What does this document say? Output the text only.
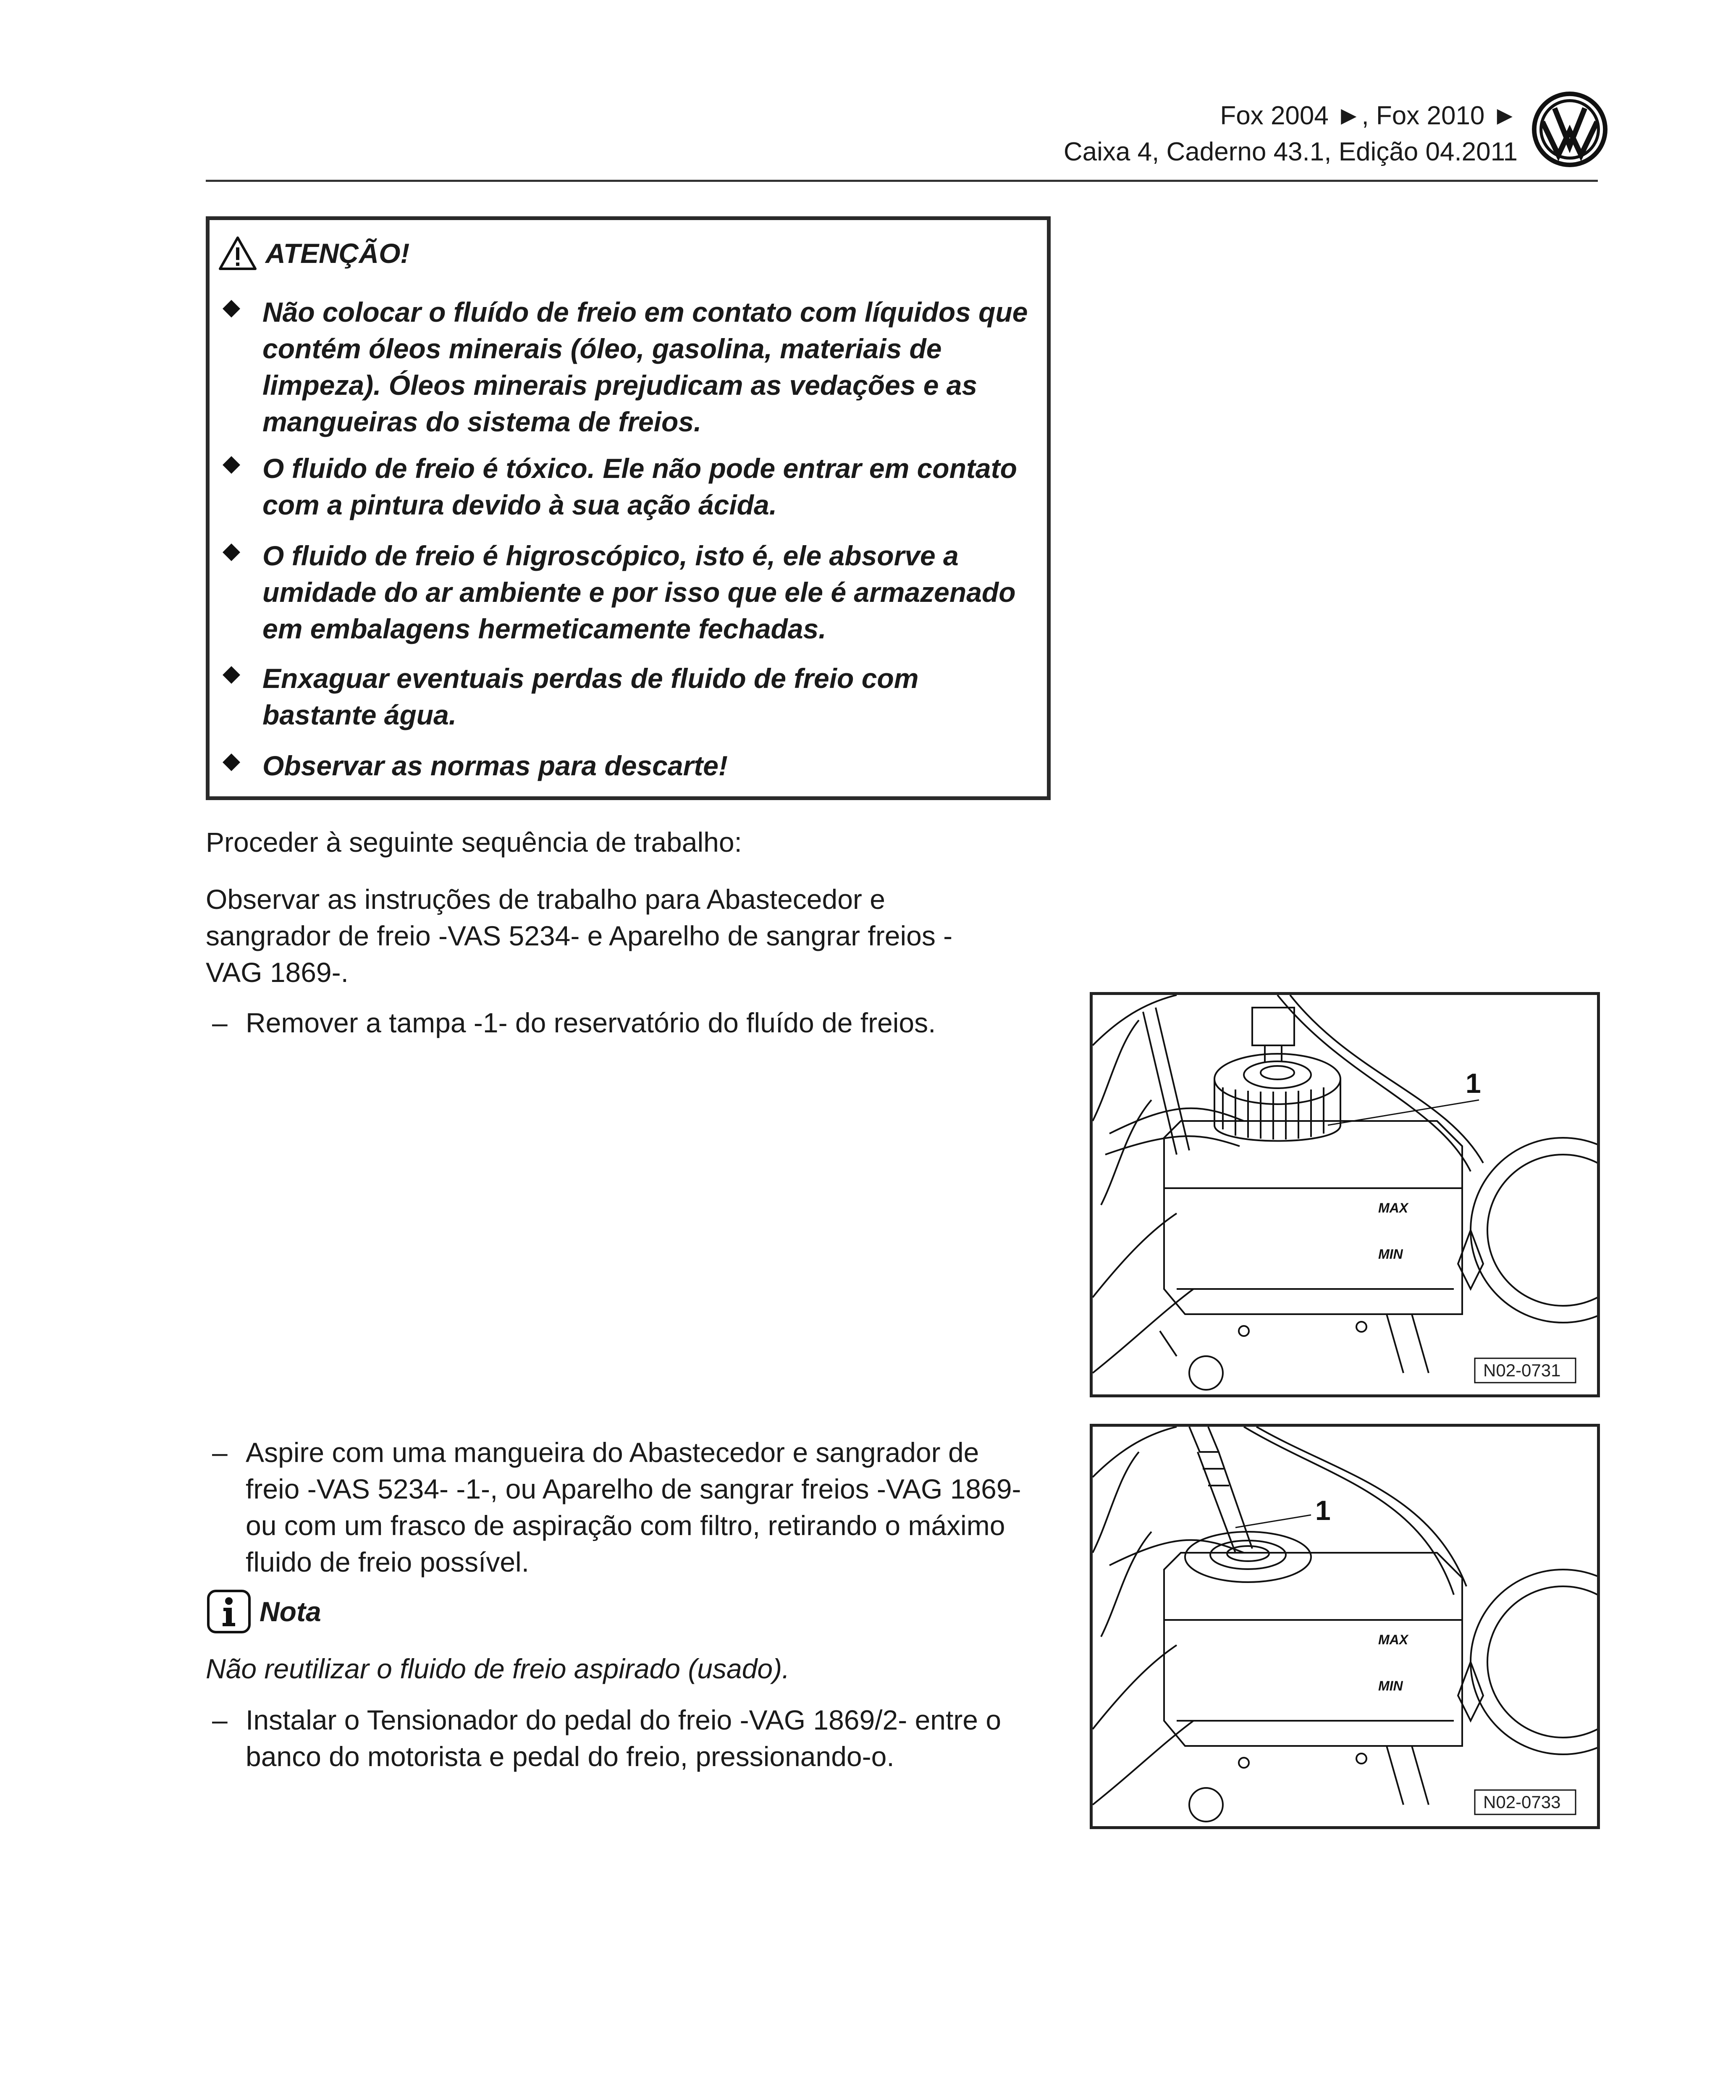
Fox 2004 ►, Fox 2010 ►
Caixa 4, Caderno 43.1, Edição 04.2011
ATENÇÃO!
Não colocar o fluído de freio em contato com líquidos que contém óleos minerais (óleo, gasolina, materiais de limpeza). Óleos minerais prejudicam as vedações e as mangueiras do sistema de freios.
O fluido de freio é tóxico. Ele não pode entrar em contato com a pintura devido à sua ação ácida.
O fluido de freio é higroscópico, isto é, ele absorve a umidade do ar ambiente e por isso que ele é armazenado em embalagens hermeticamente fechadas.
Enxaguar eventuais perdas de fluido de freio com bastante água.
Observar as normas para descarte!
Proceder à seguinte sequência de trabalho:
Observar as instruções de trabalho para Abastecedor e sangrador de freio -VAS 5234- e Aparelho de sangrar freios -VAG 1869-.
– Remover a tampa -1- do reservatório do fluído de freios.
– Aspire com uma mangueira do Abastecedor e sangrador de freio -VAS 5234- -1-, ou Aparelho de sangrar freios -VAG 1869- ou com um frasco de aspiração com filtro, retirando o máximo fluido de freio possível.
Nota
Não reutilizar o fluido de freio aspirado (usado).
– Instalar o Tensionador do pedal do freio -VAG 1869/2- entre o banco do motorista e pedal do freio, pressionando-o.
1
MAX
MIN
N02-0731
1
MAX
MIN
N02-0733
